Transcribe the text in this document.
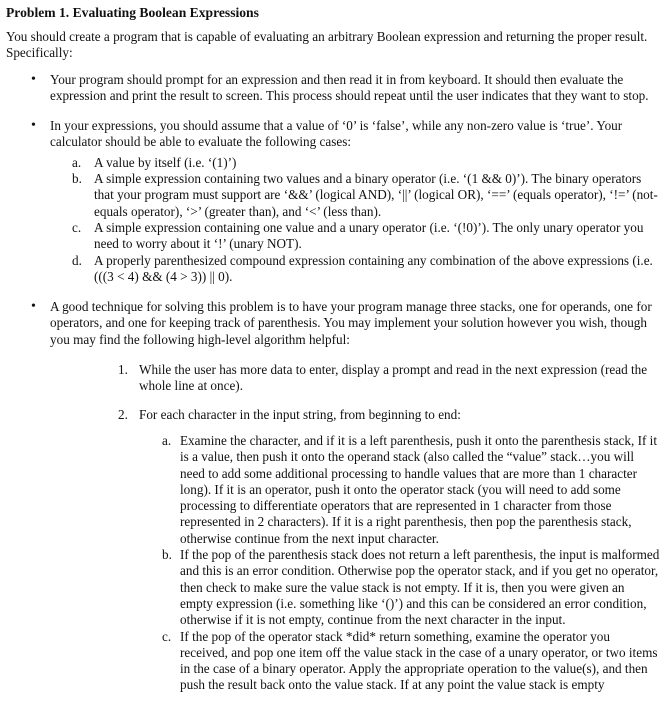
Problem 1. Evaluating Boolean Expressions

You should create a program that is capable of evaluating an arbitrary Boolean expression and returning the proper result. Specifically:

• Your program should prompt for an expression and then read it in from keyboard. It should then evaluate the expression and print the result to screen. This process should repeat until the user indicates that they want to stop.

• In your expressions, you should assume that a value of ‘0’ is ‘false’, while any non-zero value is ‘true’. Your calculator should be able to evaluate the following cases:

a. A value by itself (i.e. ‘(1)’)
b. A simple expression containing two values and a binary operator (i.e. ‘(1 && 0)’). The binary operators that your program must support are ‘&&’ (logical AND), ‘||’ (logical OR), ‘==’ (equals operator), ‘!=’ (not-equals operator), ‘>’ (greater than), and ‘<’ (less than).
c. A simple expression containing one value and a unary operator (i.e. ‘(!0)’). The only unary operator you need to worry about it ‘!’ (unary NOT).
d. A properly parenthesized compound expression containing any combination of the above expressions (i.e. (((3 < 4) && (4 > 3)) || 0).
• A good technique for solving this problem is to have your program manage three stacks, one for operands, one for operators, and one for keeping track of parenthesis. You may implement your solution however you wish, though you may find the following high-level algorithm helpful:

1. While the user has more data to enter, display a prompt and read in the next expression (read the whole line at once).
2. For each character in the input string, from beginning to end:
a. Examine the character, and if it is a left parenthesis, push it onto the parenthesis stack, If it is a value, then push it onto the operand stack (also called the “value” stack…you will need to add some additional processing to handle values that are more than 1 character long). If it is an operator, push it onto the operator stack (you will need to add some processing to differentiate operators that are represented in 1 character from those represented in 2 characters). If it is a right parenthesis, then pop the parenthesis stack, otherwise continue from the next input character.
b. If the pop of the parenthesis stack does not return a left parenthesis, the input is malformed and this is an error condition. Otherwise pop the operator stack, and if you get no operator, then check to make sure the value stack is not empty. If it is, then you were given an empty expression (i.e. something like ‘()’) and this can be considered an error condition, otherwise if it is not empty, continue from the next character in the input.
c. If the pop of the operator stack *did* return something, examine the operator you received, and pop one item off the value stack in the case of a unary operator, or two items in the case of a binary operator. Apply the appropriate operation to the value(s), and then push the result back onto the value stack. If at any point the value stack is empty
